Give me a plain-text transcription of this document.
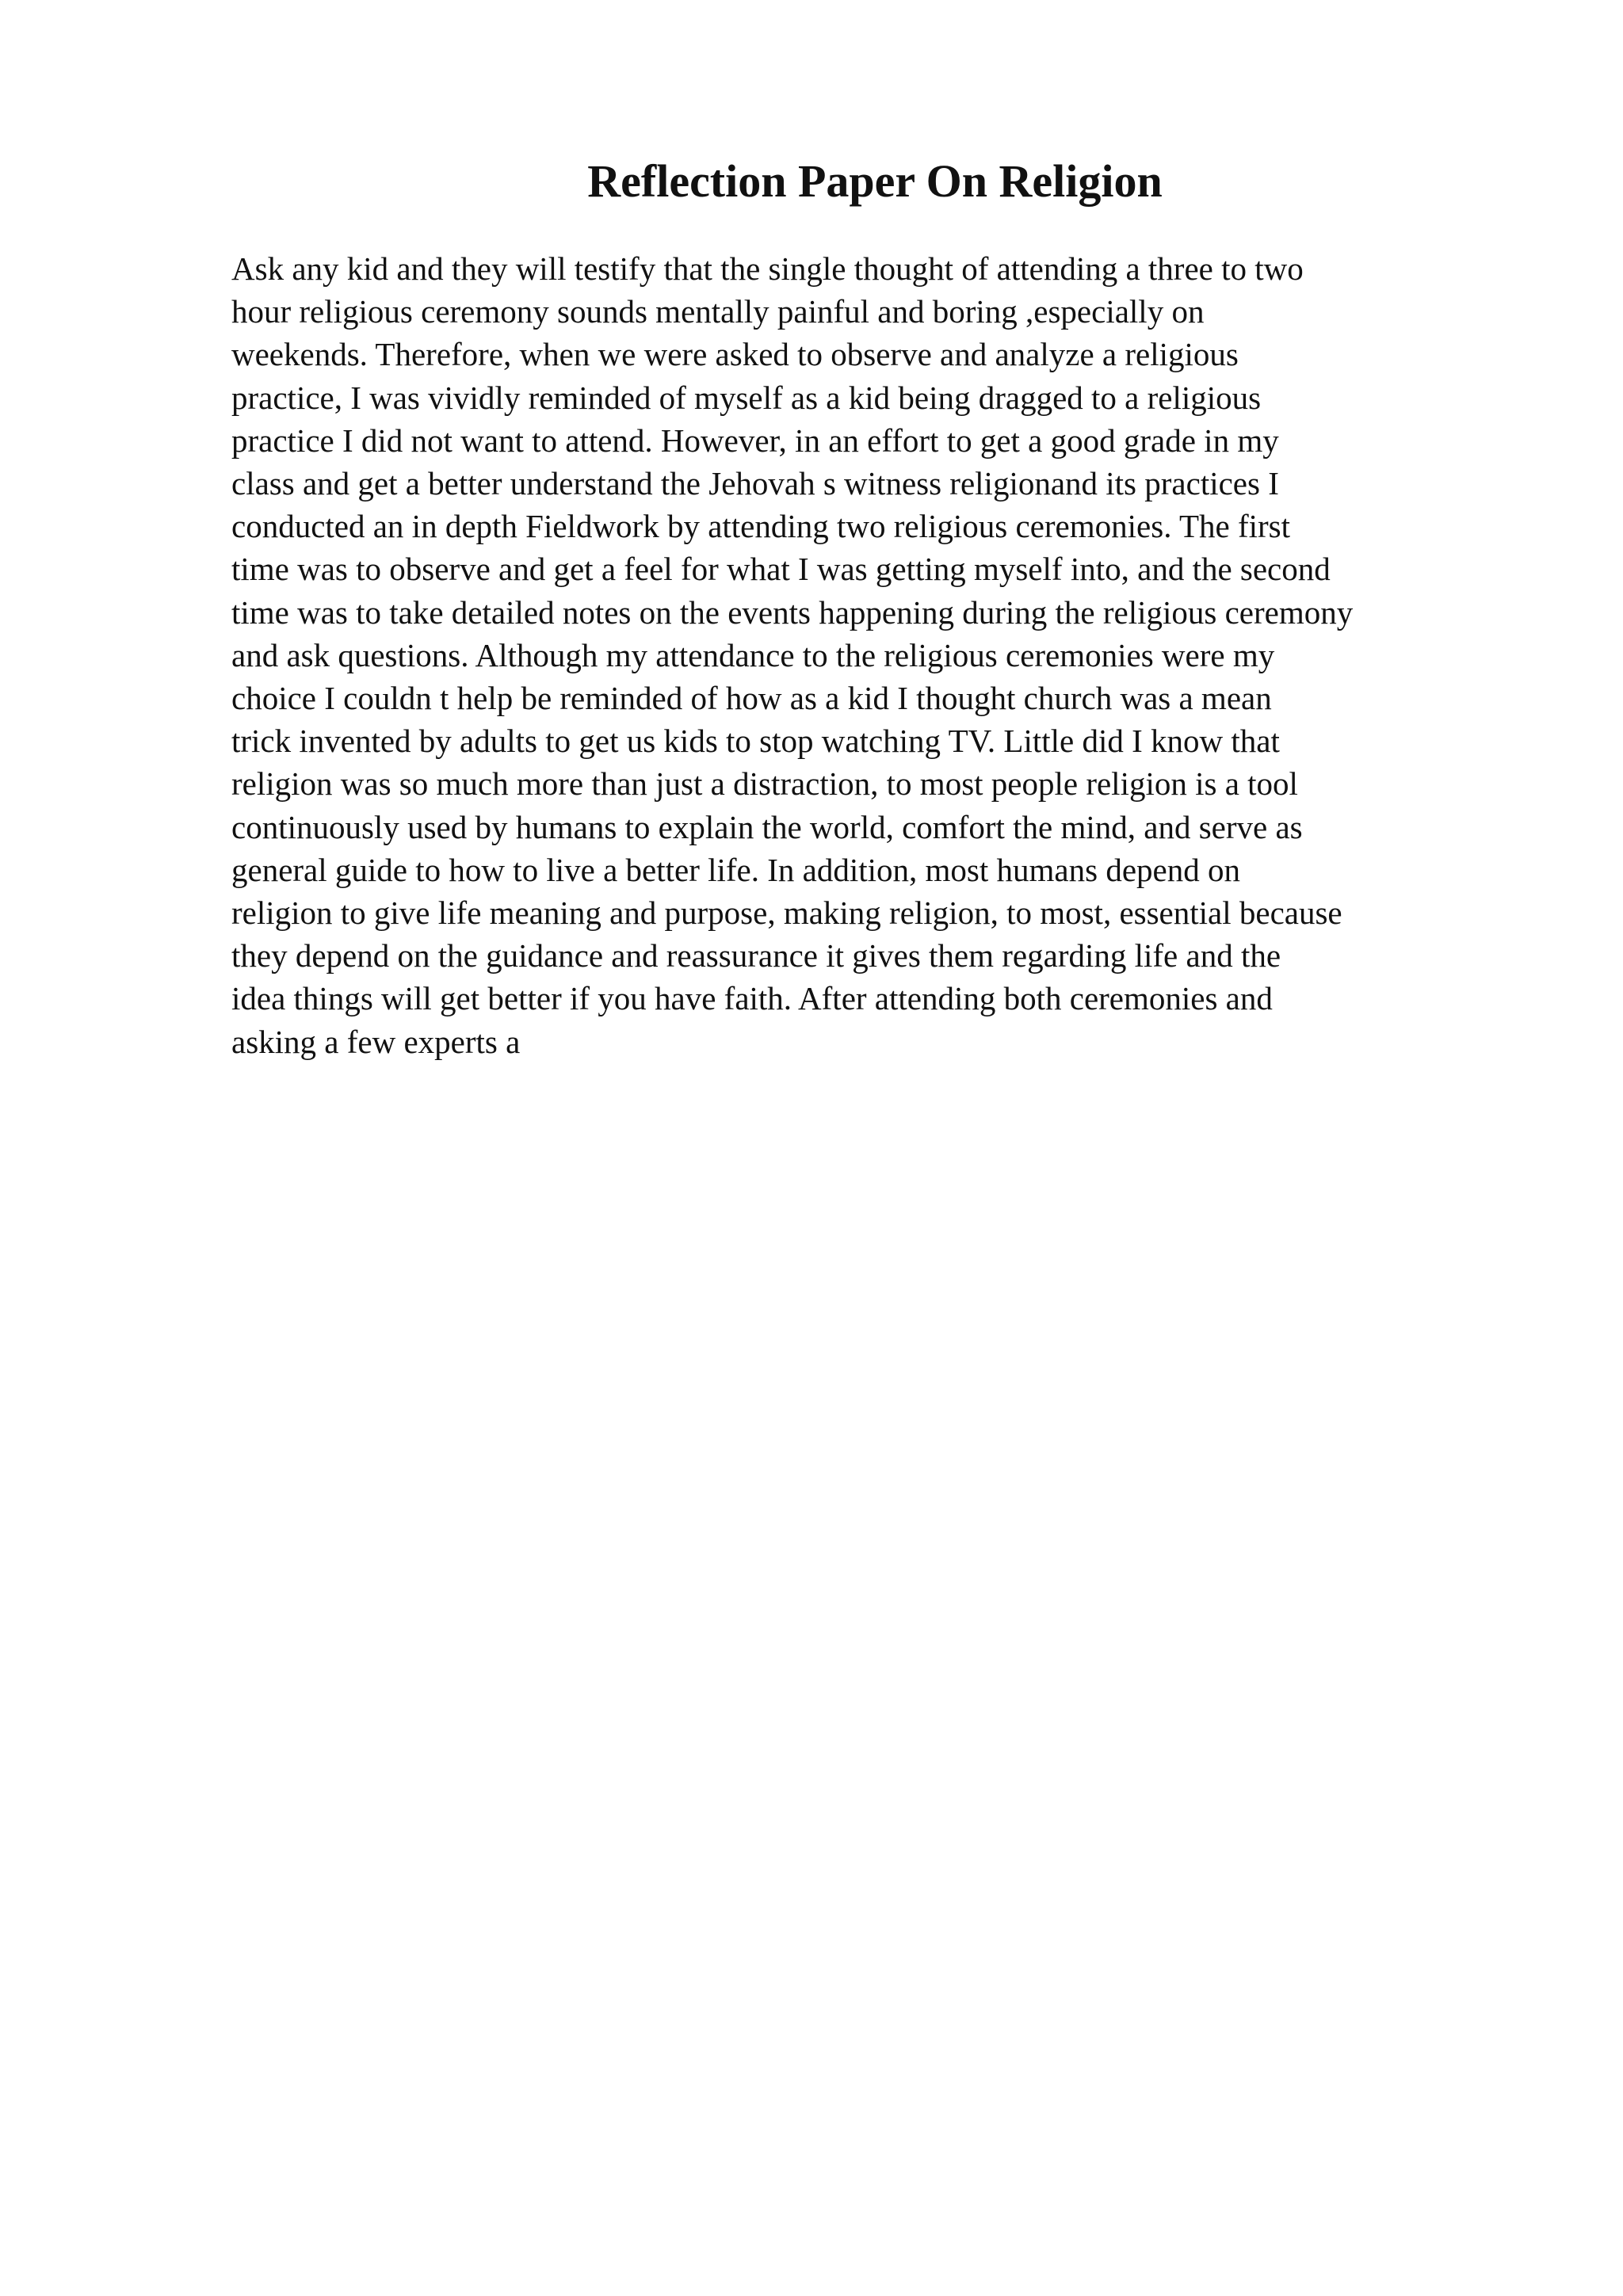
Reflection Paper On Religion
Ask any kid and they will testify that the single thought of attending a three to two
hour religious ceremony sounds mentally painful and boring ,especially on
weekends. Therefore, when we were asked to observe and analyze a religious
practice, I was vividly reminded of myself as a kid being dragged to a religious
practice I did not want to attend. However, in an effort to get a good grade in my
class and get a better understand the Jehovah s witness religionand its practices I
conducted an in depth Fieldwork by attending two religious ceremonies. The first
time was to observe and get a feel for what I was getting myself into, and the second
time was to take detailed notes on the events happening during the religious ceremony
and ask questions. Although my attendance to the religious ceremonies were my
choice I couldn t help be reminded of how as a kid I thought church was a mean
trick invented by adults to get us kids to stop watching TV. Little did I know that
religion was so much more than just a distraction, to most people religion is a tool
continuously used by humans to explain the world, comfort the mind, and serve as
general guide to how to live a better life. In addition, most humans depend on
religion to give life meaning and purpose, making religion, to most, essential because
they depend on the guidance and reassurance it gives them regarding life and the
idea things will get better if you have faith. After attending both ceremonies and
asking a few experts a
